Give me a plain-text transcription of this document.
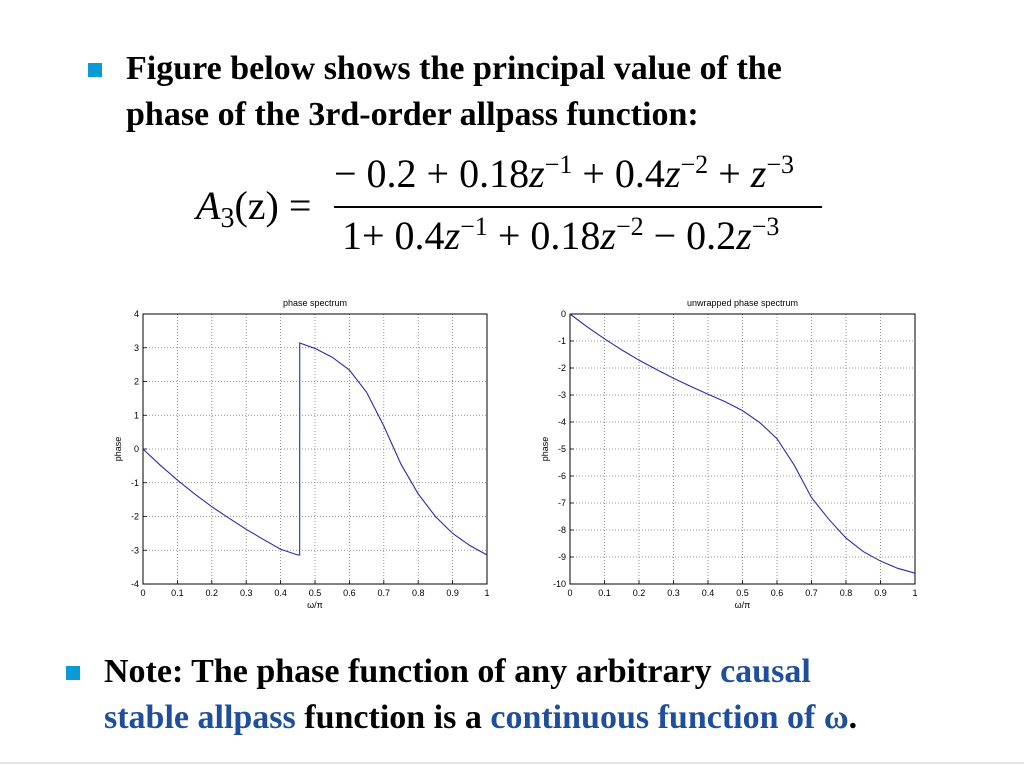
Figure below shows the principal value of the
phase of the 3rd-order allpass function:
$A_3(z)$ =
− $0.2 + 0.18z^{-1} + 0.4z^{-2} + z^{-3}$
$1+ 0.4z^{-1} + 0.18z^{-2} - 0.2z^{-3}$
0	0.1 0.2 0.3 0.4 0.5 0.6 0.7 0.8 0.9	1
4
3
2
1
0
-1
-2
-3
-4
phase spectrum
ω/π
phase
0	0.1 0.2 0.3 0.4 0.5 0.6 0.7 0.8 0.9	1
0
-1
-2
-3
-4
-5
-6
-7
-8
-9
-10
unwrapped phase spectrum
ω/π
phase
Note: The phase function of any arbitrary causal
stable allpass function is a continuous function of ω.
